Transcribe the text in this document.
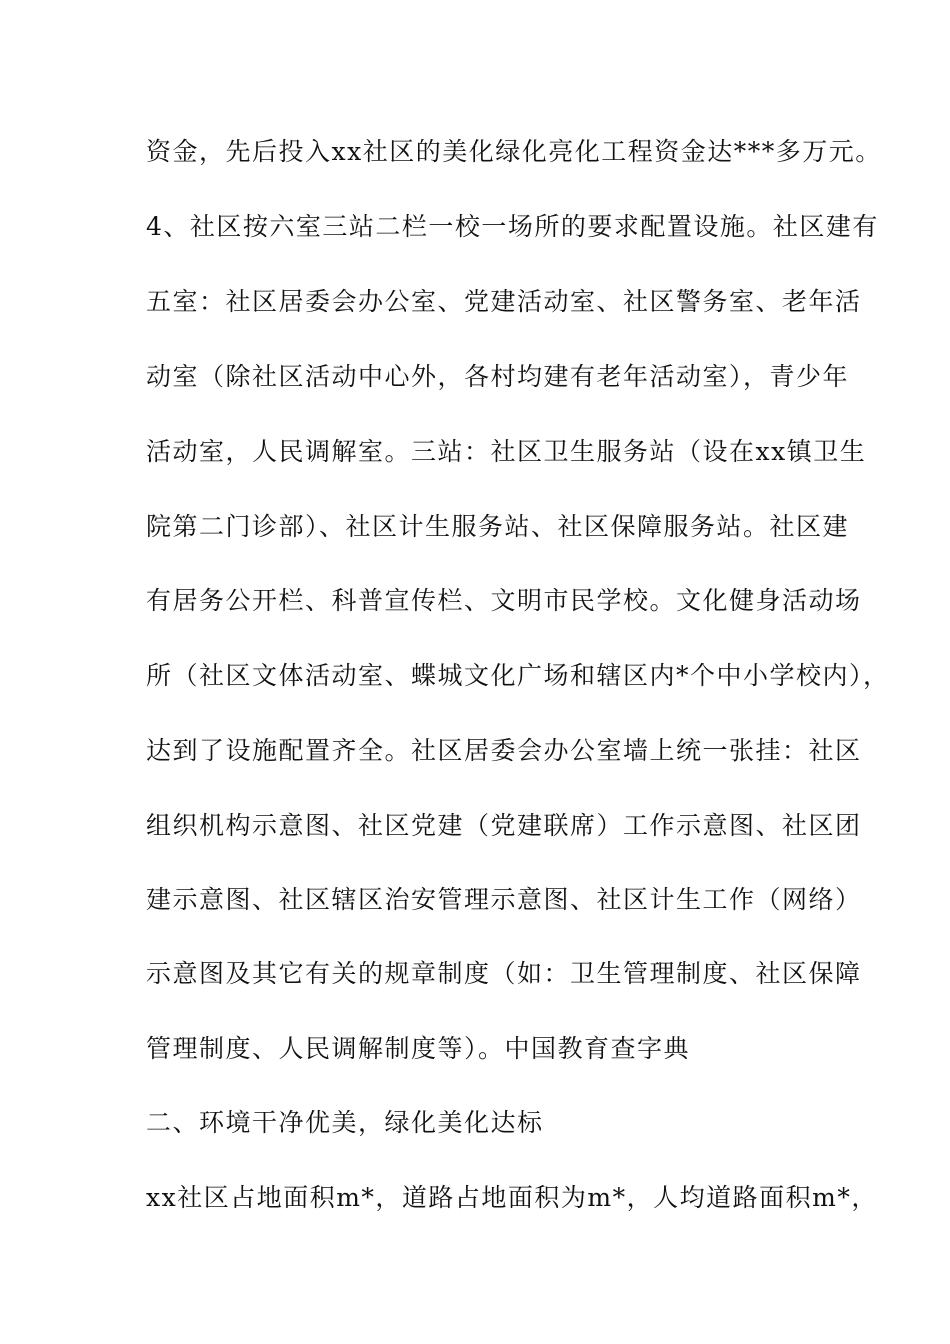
资金，先后投入xx社区的美化绿化亮化工程资金达***多万元。
4、社区按六室三站二栏一校一场所的要求配置设施。社区建有
五室：社区居委会办公室、党建活动室、社区警务室、老年活
动室（除社区活动中心外，各村均建有老年活动室），青少年
活动室，人民调解室。三站：社区卫生服务站（设在xx镇卫生
院第二门诊部）、社区计生服务站、社区保障服务站。社区建
有居务公开栏、科普宣传栏、文明市民学校。文化健身活动场
所（社区文体活动室、蝶城文化广场和辖区内*个中小学校内），
达到了设施配置齐全。社区居委会办公室墙上统一张挂：社区
组织机构示意图、社区党建（党建联席）工作示意图、社区团
建示意图、社区辖区治安管理示意图、社区计生工作（网络）
示意图及其它有关的规章制度（如：卫生管理制度、社区保障
管理制度、人民调解制度等）。中国教育查字典
二、环境干净优美，绿化美化达标
xx社区占地面积m*，道路占地面积为m*，人均道路面积m*，
